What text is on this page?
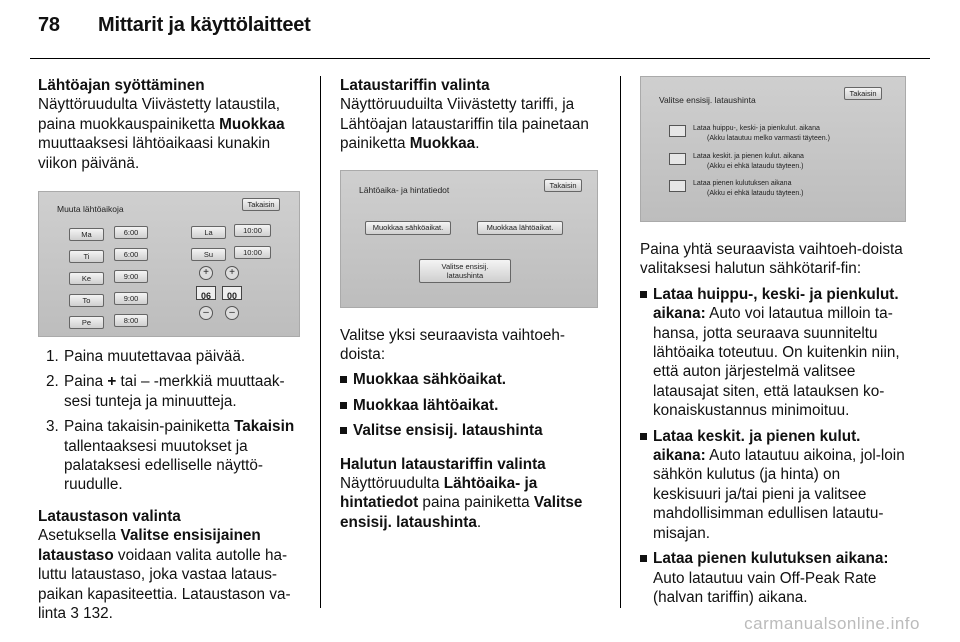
78 Mittarit ja käyttölaitteet

Lähtöajan syöttäminen

Näyttöruudulta Viivästetty lataustila, paina muokkauspainiketta Muokkaa muuttaaksesi lähtöaikaasi kunakin viikon päivänä.

Muuta lähtöaikoja	Takaisin
Ma	6:00
Ti	6:00
Ke	9:00
To	9:00
Pe	8:00
La	10:00
Su	10:00
+
06
–
+
00
–
1. Paina muutettavaa päivää.
2. Paina + tai – -merkkiä muuttaak-sesi tunteja ja minuutteja.
3. Paina takaisin-painiketta Takaisin tallentaaksesi muutokset ja palataksesi edelliselle näyttö-ruudulle.

Lataustason valinta

Asetuksella Valitse ensisijainen lataustaso voidaan valita autolle ha-luttu lataustaso, joka vastaa lataus-paikan kapasiteettia. Lataustason va-linta 3 132.

Lataustariffin valinta

Näyttöruuduilta Viivästetty tariffi, ja Lähtöajan lataustariffin tila painetaan painiketta Muokkaa.

Lähtöaika- ja hintatiedot	Takaisin
Muokkaa sähköaikat.	Muokkaa lähtöaikat.
Valitse ensisij.
lataushinta

Valitse yksi seuraavista vaihtoeh-doista:

Muokkaa sähköaikat.
Muokkaa lähtöaikat.
Valitse ensisij. lataushinta

Halutun lataustariffin valinta

Näyttöruudulta Lähtöaika- ja hintatiedot paina painiketta Valitse ensisij. lataushinta.

Valitse ensisij. lataushinta
Takaisin
Lataa huippu-, keski- ja pienkulut. aikana
(Akku latautuu melko varmasti täyteen.)
Lataa keskit. ja pienen kulut. aikana
(Akku ei ehkä lataudu täyteen.)
Lataa pienen kulutuksen aikana
(Akku ei ehkä lataudu täyteen.)

Paina yhtä seuraavista vaihtoeh-doista valitaksesi halutun sähkötarif-fin:

Lataa huippu-, keski- ja pienkulut. aikana: Auto voi latautua milloin ta-hansa, jotta seuraava suunniteltu lähtöaika toteutuu. On kuitenkin niin, että auton järjestelmä valitsee latausajat siten, että latauksen ko-konaiskustannus minimoituu.
Lataa keskit. ja pienen kulut. aikana: Auto latautuu aikoina, jol-loin sähkön kulutus (ja hinta) on keskisuuri ja/tai pieni ja valitsee mahdollisimman edullisen latautu-misajan.
Lataa pienen kulutuksen aikana: Auto latautuu vain Off-Peak Rate (halvan tariffin) aikana.
carmanualsonline.info
